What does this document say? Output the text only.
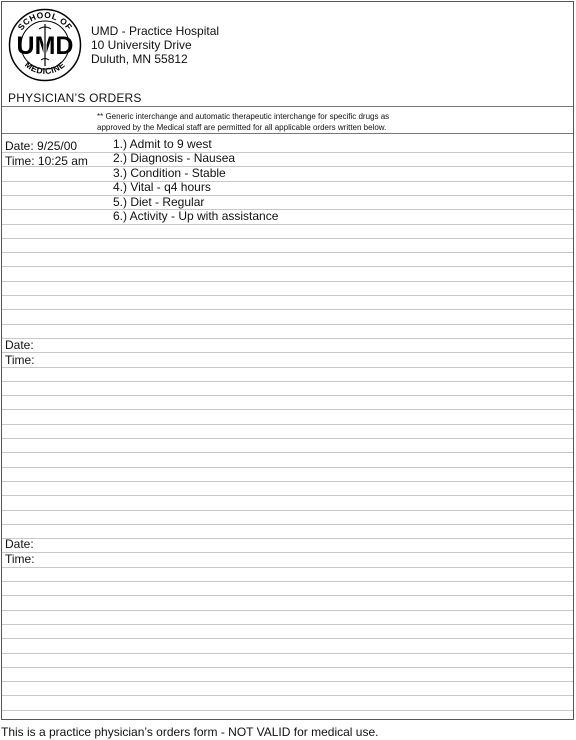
SCHOOL OF
MEDICINE
UMD
UMD - Practice Hospital
10 University Drive
Duluth, MN 55812
PHYSICIAN’S ORDERS
** Generic interchange and automatic therapeutic interchange for specific drugs as
approved by the Medical staff are permitted for all applicable orders written below.
Date: 9/25/00
Time: 10:25 am
1.) Admit to 9 west
2.) Diagnosis - Nausea
3.) Condition - Stable
4.) Vital - q4 hours
5.) Diet - Regular
6.) Activity - Up with assistance
Date:
Time:
Date:
Time:
This is a practice physician’s orders form - NOT VALID for medical use.
